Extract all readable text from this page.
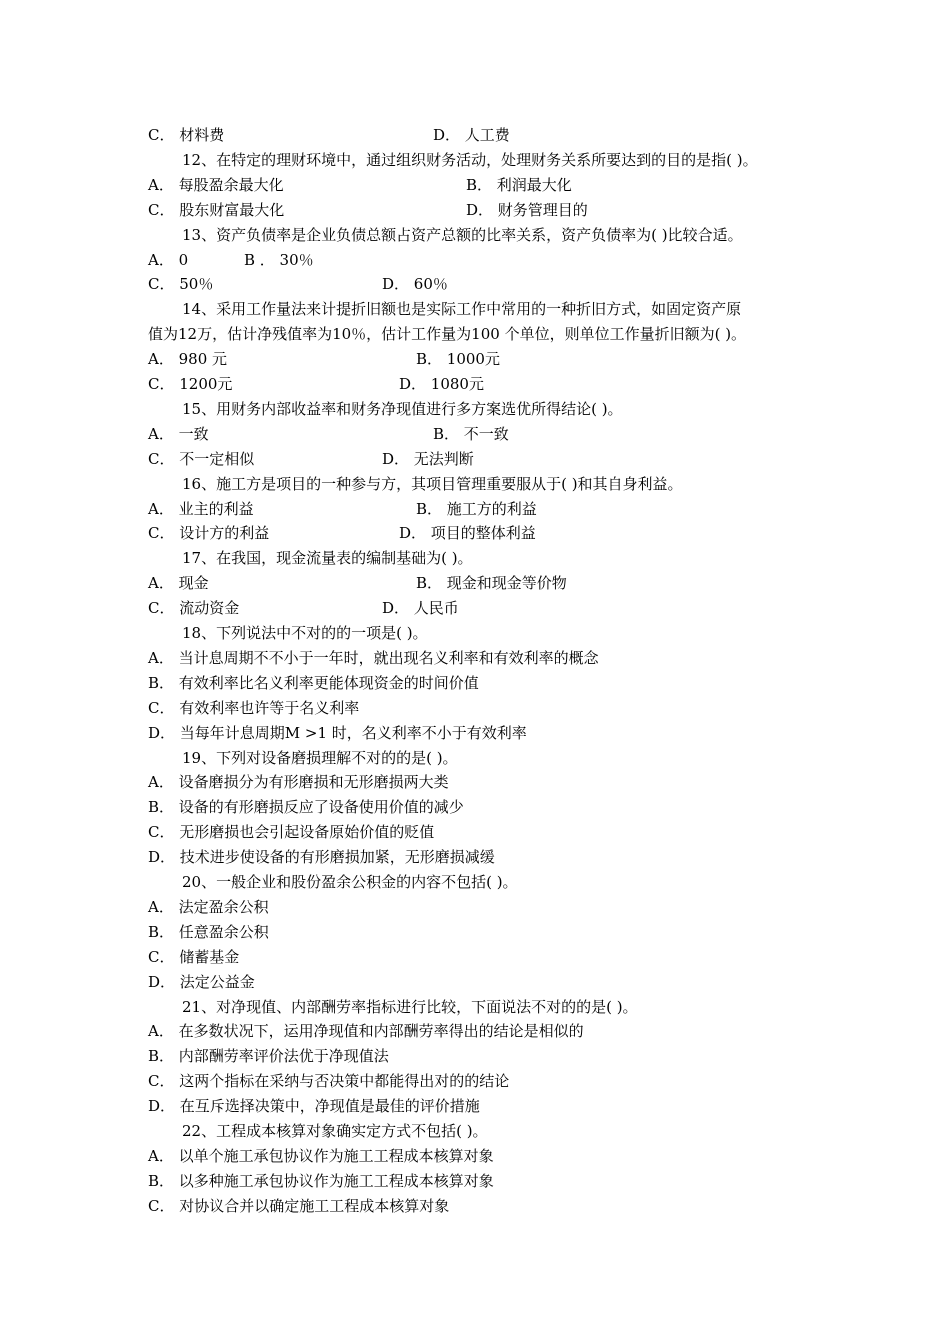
C． 材料费	D． 人工费
12、在特定的理财环境中，通过组织财务活动，处理财务关系所要达到的目的是指( )。
A． 每股盈余最大化	B． 利润最大化
C． 股东财富最大化	D． 财务管理目的
13、资产负债率是企业负债总额占资产总额的比率关系，资产负债率为( )比较合适。
A． 0	B ． 30％
C． 50％	D． 60％
14、采用工作量法来计提折旧额也是实际工作中常用的一种折旧方式，如固定资产原
值为12万，估计净残值率为10％，估计工作量为100 个单位，则单位工作量折旧额为( )。
A． 980 元	B． 1000元
C． 1200元	D． 1080元
15、用财务内部收益率和财务净现值进行多方案选优所得结论( )。
A． 一致	B． 不一致
C． 不一定相似	D． 无法判断
16、施工方是项目的一种参与方，其项目管理重要服从于( )和其自身利益。
A． 业主的利益	B． 施工方的利益
C． 设计方的利益	D． 项目的整体利益
17、在我国，现金流量表的编制基础为( )。
A． 现金	B． 现金和现金等价物
C． 流动资金	D． 人民币
18、下列说法中不对的的一项是( )。
A． 当计息周期不不小于一年时，就出现名义利率和有效利率的概念
B． 有效利率比名义利率更能体现资金的时间价值
C． 有效利率也许等于名义利率
D． 当每年计息周期M >1 时，名义利率不小于有效利率
19、下列对设备磨损理解不对的的是( )。
A． 设备磨损分为有形磨损和无形磨损两大类
B． 设备的有形磨损反应了设备使用价值的减少
C． 无形磨损也会引起设备原始价值的贬值
D． 技术进步使设备的有形磨损加紧，无形磨损减缓
20、一般企业和股份盈余公积金的内容不包括( )。
A． 法定盈余公积
B． 任意盈余公积
C． 储蓄基金
D． 法定公益金
21、对净现值、内部酬劳率指标进行比较，下面说法不对的的是( )。
A． 在多数状况下，运用净现值和内部酬劳率得出的结论是相似的
B． 内部酬劳率评价法优于净现值法
C． 这两个指标在采纳与否决策中都能得出对的的结论
D． 在互斥选择决策中，净现值是最佳的评价措施
22、工程成本核算对象确实定方式不包括( )。
A． 以单个施工承包协议作为施工工程成本核算对象
B． 以多种施工承包协议作为施工工程成本核算对象
C． 对协议合并以确定施工工程成本核算对象
